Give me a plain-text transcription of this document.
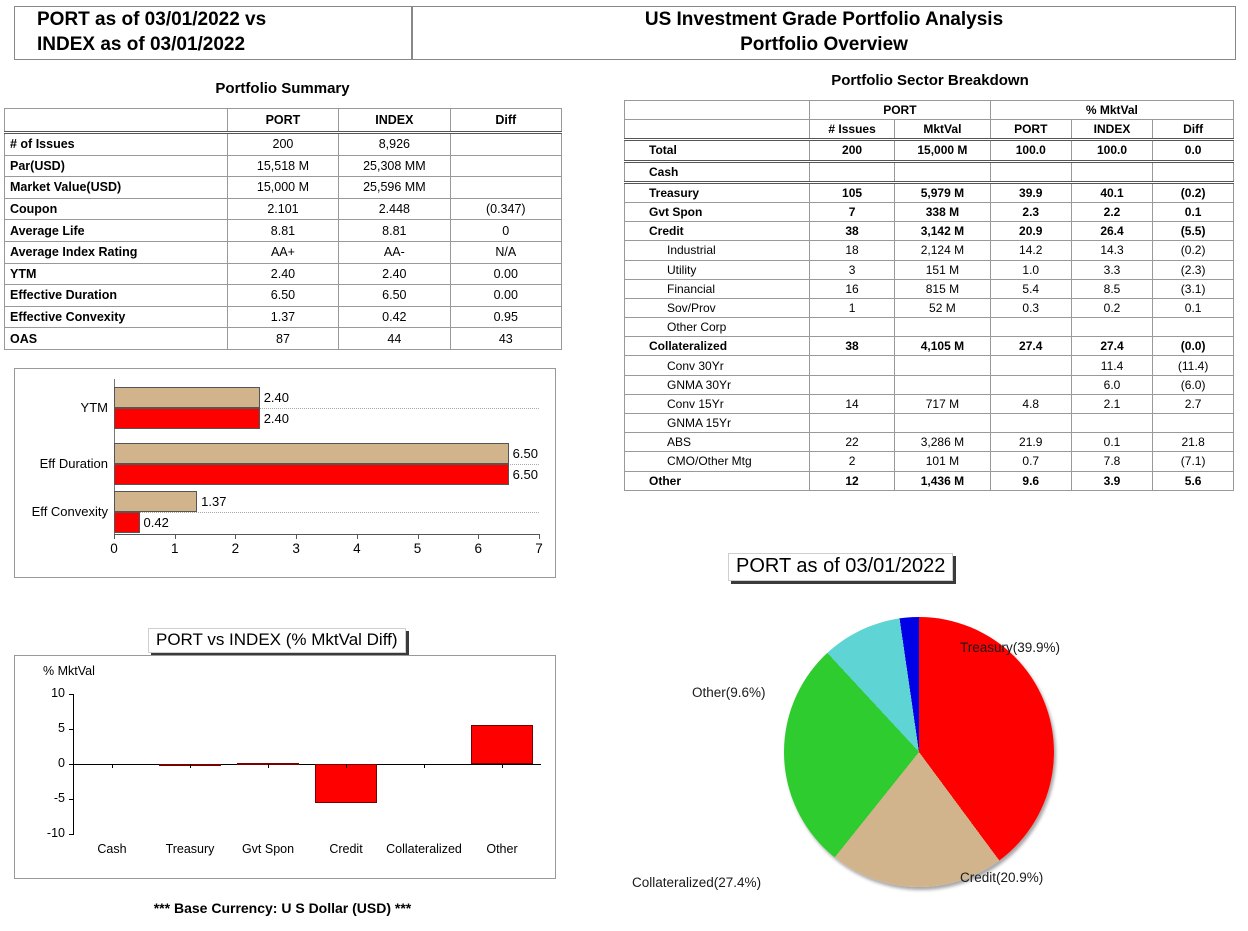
PORT as of 03/01/2022 vs
INDEX as of 03/01/2022
US Investment Grade Portfolio Analysis
Portfolio Overview
Portfolio Summary
	PORT	INDEX	Diff
# of Issues	200	8,926	
Par(USD)	15,518 M	25,308 MM	
Market Value(USD)	15,000 M	25,596 MM	
Coupon	2.101	2.448	(0.347)
Average Life	8.81	8.81	0
Average Index Rating	AA+	AA-	N/A
YTM	2.40	2.40	0.00
Effective Duration	6.50	6.50	0.00
Effective Convexity	1.37	0.42	0.95
OAS	87	44	43
Portfolio Sector Breakdown
	PORT		% MktVal		
	# Issues	MktVal	PORT	INDEX	Diff
Total	200	15,000 M	100.0	100.0	0.0
Cash					
Treasury	105	5,979 M	39.9	40.1	(0.2)
Gvt Spon	7	338 M	2.3	2.2	0.1
Credit	38	3,142 M	20.9	26.4	(5.5)
Industrial	18	2,124 M	14.2	14.3	(0.2)
Utility	3	151 M	1.0	3.3	(2.3)
Financial	16	815 M	5.4	8.5	(3.1)
Sov/Prov	1	52 M	0.3	0.2	0.1
Other Corp					
Collateralized	38	4,105 M	27.4	27.4	(0.0)
Conv 30Yr				11.4	(11.4)
GNMA 30Yr				6.0	(6.0)
Conv 15Yr	14	717 M	4.8	2.1	2.7
GNMA 15Yr					
ABS	22	3,286 M	21.9	0.1	21.8
CMO/Other Mtg	2	101 M	0.7	7.8	(7.1)
Other	12	1,436 M	9.6	3.9	5.6
2.40
2.40
YTM
6.50
6.50
Eff Duration
1.37
0.42
Eff Convexity
0	1	2	3	4	5	6	7
PORT vs INDEX (% MktVal Diff)
% MktVal
10
5
0
-5
-10
Cash	Treasury	Gvt Spon	Credit	Collateralized	Other
PORT as of 03/01/2022
Treasury(39.9%)
Credit(20.9%)
Collateralized(27.4%)
Other(9.6%)
*** Base Currency: U S Dollar (USD) ***
